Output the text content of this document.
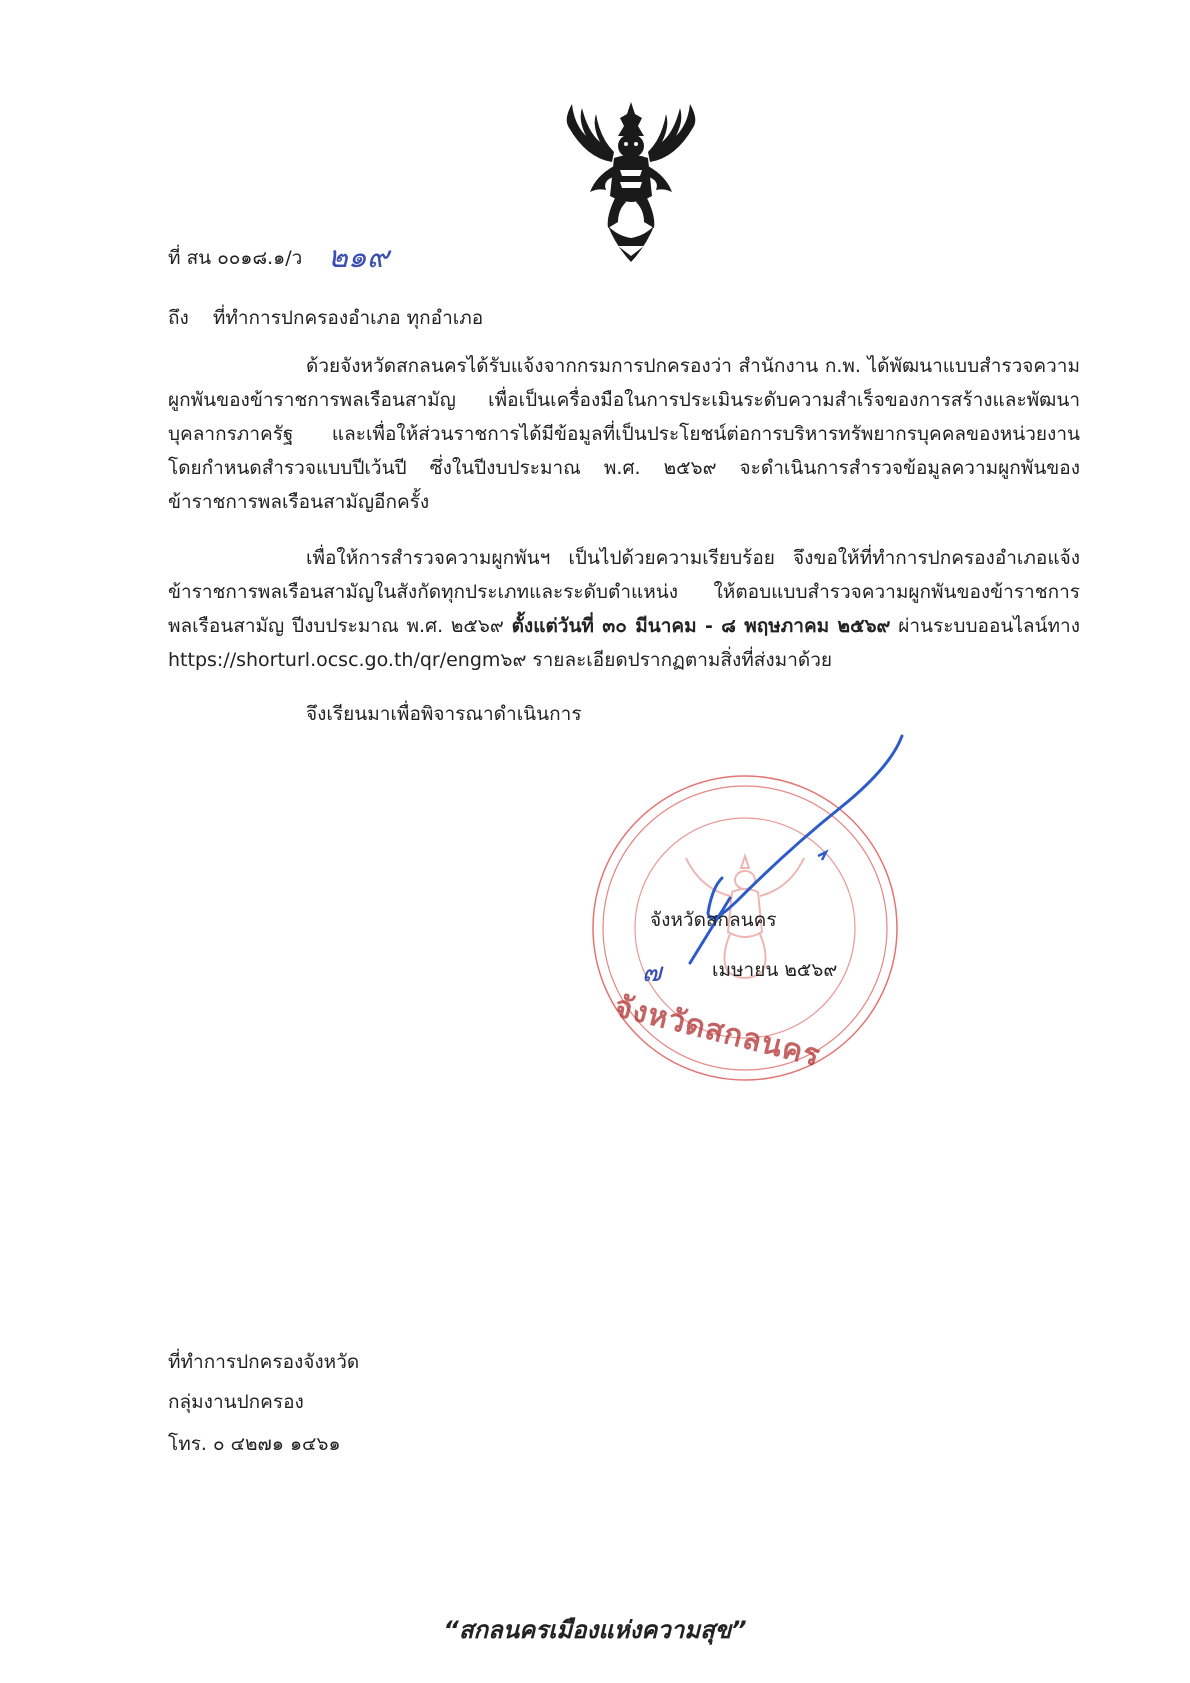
ที่ สน ๐๐๑๘.๑/ว ๒๑๙
ถึง ที่ทำการปกครองอำเภอ ทุกอำเภอ

ด้วยจังหวัดสกลนครได้รับแจ้งจากกรมการปกครองว่า สำนักงาน ก.พ. ได้พัฒนาแบบสำรวจความผูกพันของข้าราชการพลเรือนสามัญ เพื่อเป็นเครื่องมือในการประเมินระดับความสำเร็จของการสร้างและพัฒนาบุคลากรภาครัฐ และเพื่อให้ส่วนราชการได้มีข้อมูลที่เป็นประโยชน์ต่อการบริหารทรัพยากรบุคคลของหน่วยงาน โดยกำหนดสำรวจแบบปีเว้นปี ซึ่งในปีงบประมาณ พ.ศ. ๒๕๖๙ จะดำเนินการสำรวจข้อมูลความผูกพันของข้าราชการพลเรือนสามัญอีกครั้ง

เพื่อให้การสำรวจความผูกพันฯ เป็นไปด้วยความเรียบร้อย จึงขอให้ที่ทำการปกครองอำเภอแจ้งข้าราชการพลเรือนสามัญในสังกัดทุกประเภทและระดับตำแหน่ง ให้ตอบแบบสำรวจความผูกพันของข้าราชการพลเรือนสามัญ ปีงบประมาณ พ.ศ. ๒๕๖๙ ตั้งแต่วันที่ ๓๐ มีนาคม - ๘ พฤษภาคม ๒๕๖๙ ผ่านระบบออนไลน์ทาง https://shorturl.ocsc.go.th/qr/engm๖๙ รายละเอียดปรากฏตามสิ่งที่ส่งมาด้วย

จึงเรียนมาเพื่อพิจารณาดำเนินการ
จังหวัดสกลนคร
๗	เมษายน ๒๕๖๙
จังหวัดสกลนคร
ที่ทำการปกครองจังหวัด
กลุ่มงานปกครอง
โทร. ๐ ๔๒๗๑ ๑๔๖๑
“สกลนครเมืองแห่งความสุข”
